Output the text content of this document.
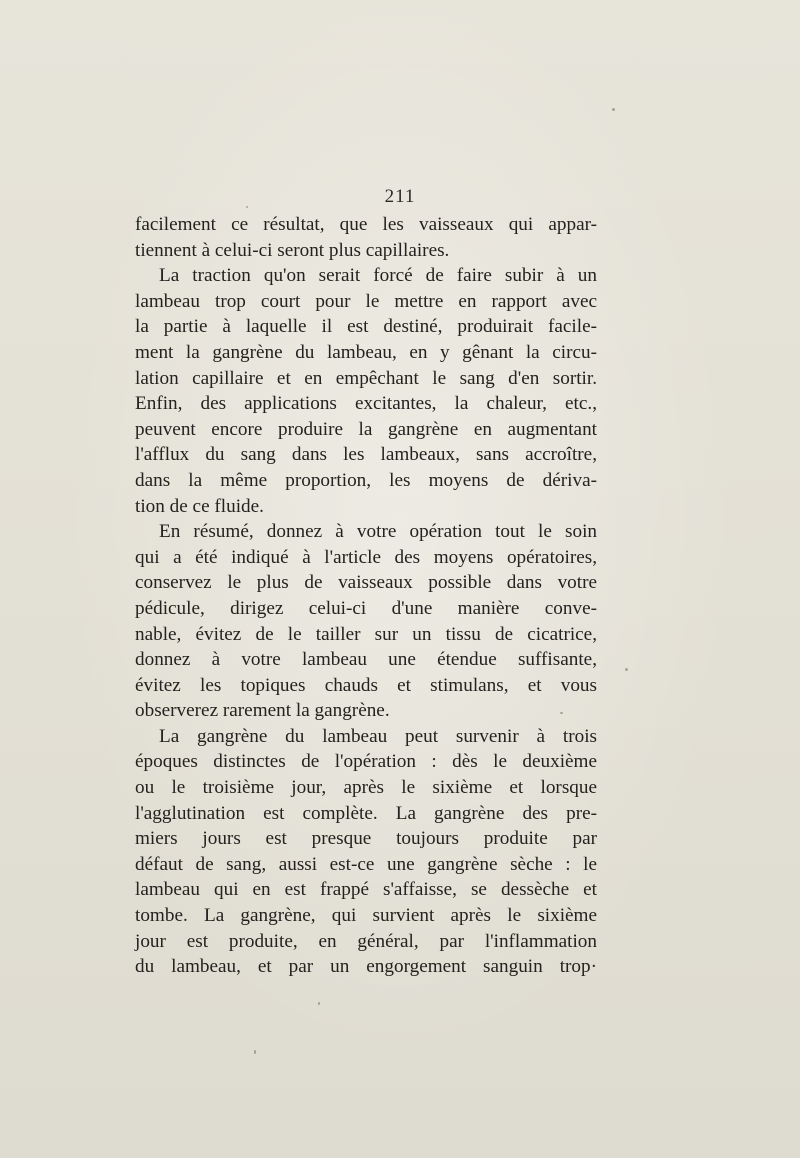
211
facilement ce résultat, que les vaisseaux qui appar-
tiennent à celui-ci seront plus capillaires.
La traction qu'on serait forcé de faire subir à un
lambeau trop court pour le mettre en rapport avec
la partie à laquelle il est destiné, produirait facile-
ment la gangrène du lambeau, en y gênant la circu-
lation capillaire et en empêchant le sang d'en sortir.
Enfin, des applications excitantes, la chaleur, etc.,
peuvent encore produire la gangrène en augmentant
l'afflux du sang dans les lambeaux, sans accroître,
dans la même proportion, les moyens de dériva-
tion de ce fluide.
En résumé, donnez à votre opération tout le soin
qui a été indiqué à l'article des moyens opératoires,
conservez le plus de vaisseaux possible dans votre
pédicule, dirigez celui-ci d'une manière conve-
nable, évitez de le tailler sur un tissu de cicatrice,
donnez à votre lambeau une étendue suffisante,
évitez les topiques chauds et stimulans, et vous
observerez rarement la gangrène.
La gangrène du lambeau peut survenir à trois
époques distinctes de l'opération : dès le deuxième
ou le troisième jour, après le sixième et lorsque
l'agglutination est complète. La gangrène des pre-
miers jours est presque toujours produite par
défaut de sang, aussi est-ce une gangrène sèche : le
lambeau qui en est frappé s'affaisse, se dessèche et
tombe. La gangrène, qui survient après le sixième
jour est produite, en général, par l'inflammation
du lambeau, et par un engorgement sanguin trop·
